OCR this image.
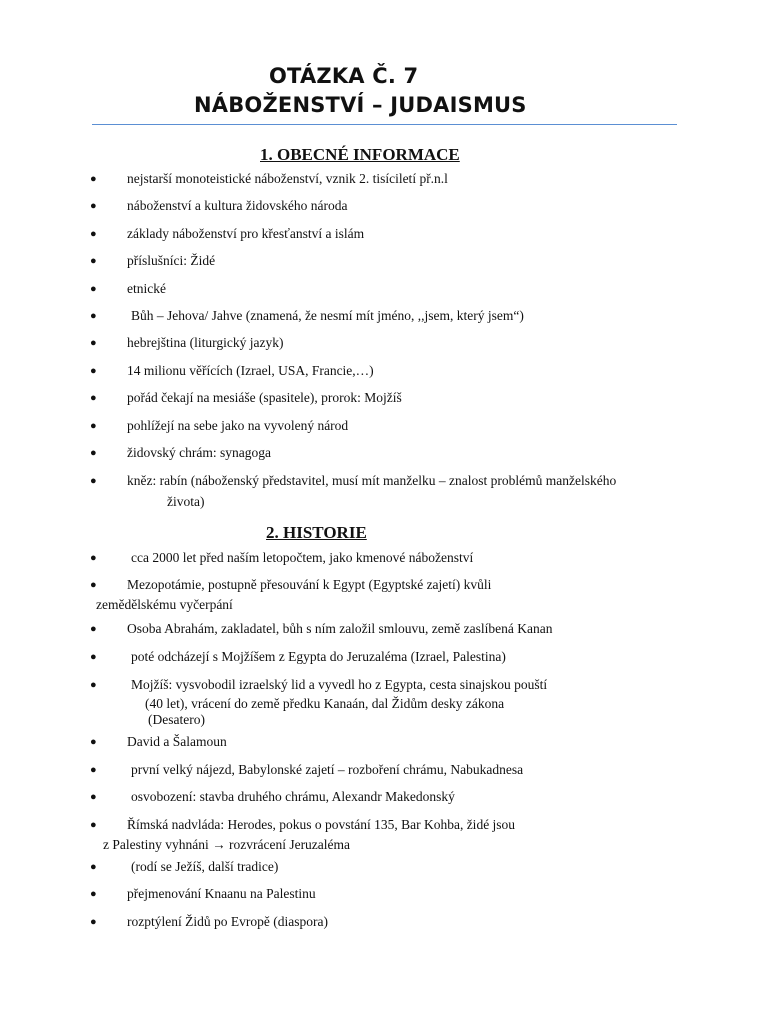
OTÁZKA Č. 7
NÁBOŽENSTVÍ – JUDAISMUS
1. OBECNÉ INFORMACE
2. HISTORIE
● nejstarší monoteistické náboženství, vznik 2. tisíciletí př.n.l
● náboženství a kultura židovského národa
● základy náboženství pro křesťanství a islám
● příslušníci: Židé
● etnické
●	Bůh – Jehova/ Jahve (znamená, že nesmí mít jméno, ,,jsem, který jsem“)
● hebrejština (liturgický jazyk)
● 14 milionu věřících (Izrael, USA, Francie,…)
● pořád čekají na mesiáše (spasitele), prorok: Mojžíš
● pohlížejí na sebe jako na vyvolený národ
● židovský chrám: synagoga
● kněz: rabín (náboženský představitel, musí mít manželku – znalost problémů manželského
života)
●	cca 2000 let před naším letopočtem, jako kmenové náboženství
● Mezopotámie, postupně přesouvání k Egypt (Egyptské zajetí) kvůli
zemědělskému vyčerpání
● Osoba Abrahám, zakladatel, bůh s ním založil smlouvu, země zaslíbená Kanan
●	poté odcházejí s Mojžíšem z Egypta do Jeruzaléma (Izrael, Palestina)
●	Mojžíš: vysvobodil izraelský lid a vyvedl ho z Egypta, cesta sinajskou pouští
(40 let), vrácení do země předku Kanaán, dal Židům desky zákona
(Desatero)
● David a Šalamoun
●	první velký nájezd, Babylonské zajetí – rozboření chrámu, Nabukadnesa
●	osvobození: stavba druhého chrámu, Alexandr Makedonský
● Římská nadvláda: Herodes, pokus o povstání 135, Bar Kohba, židé jsou
z Palestiny vyhnáni → rozvrácení Jeruzaléma
●	(rodí se Ježíš, další tradice)
● přejmenování Knaanu na Palestinu
● rozptýlení Židů po Evropě (diaspora)
